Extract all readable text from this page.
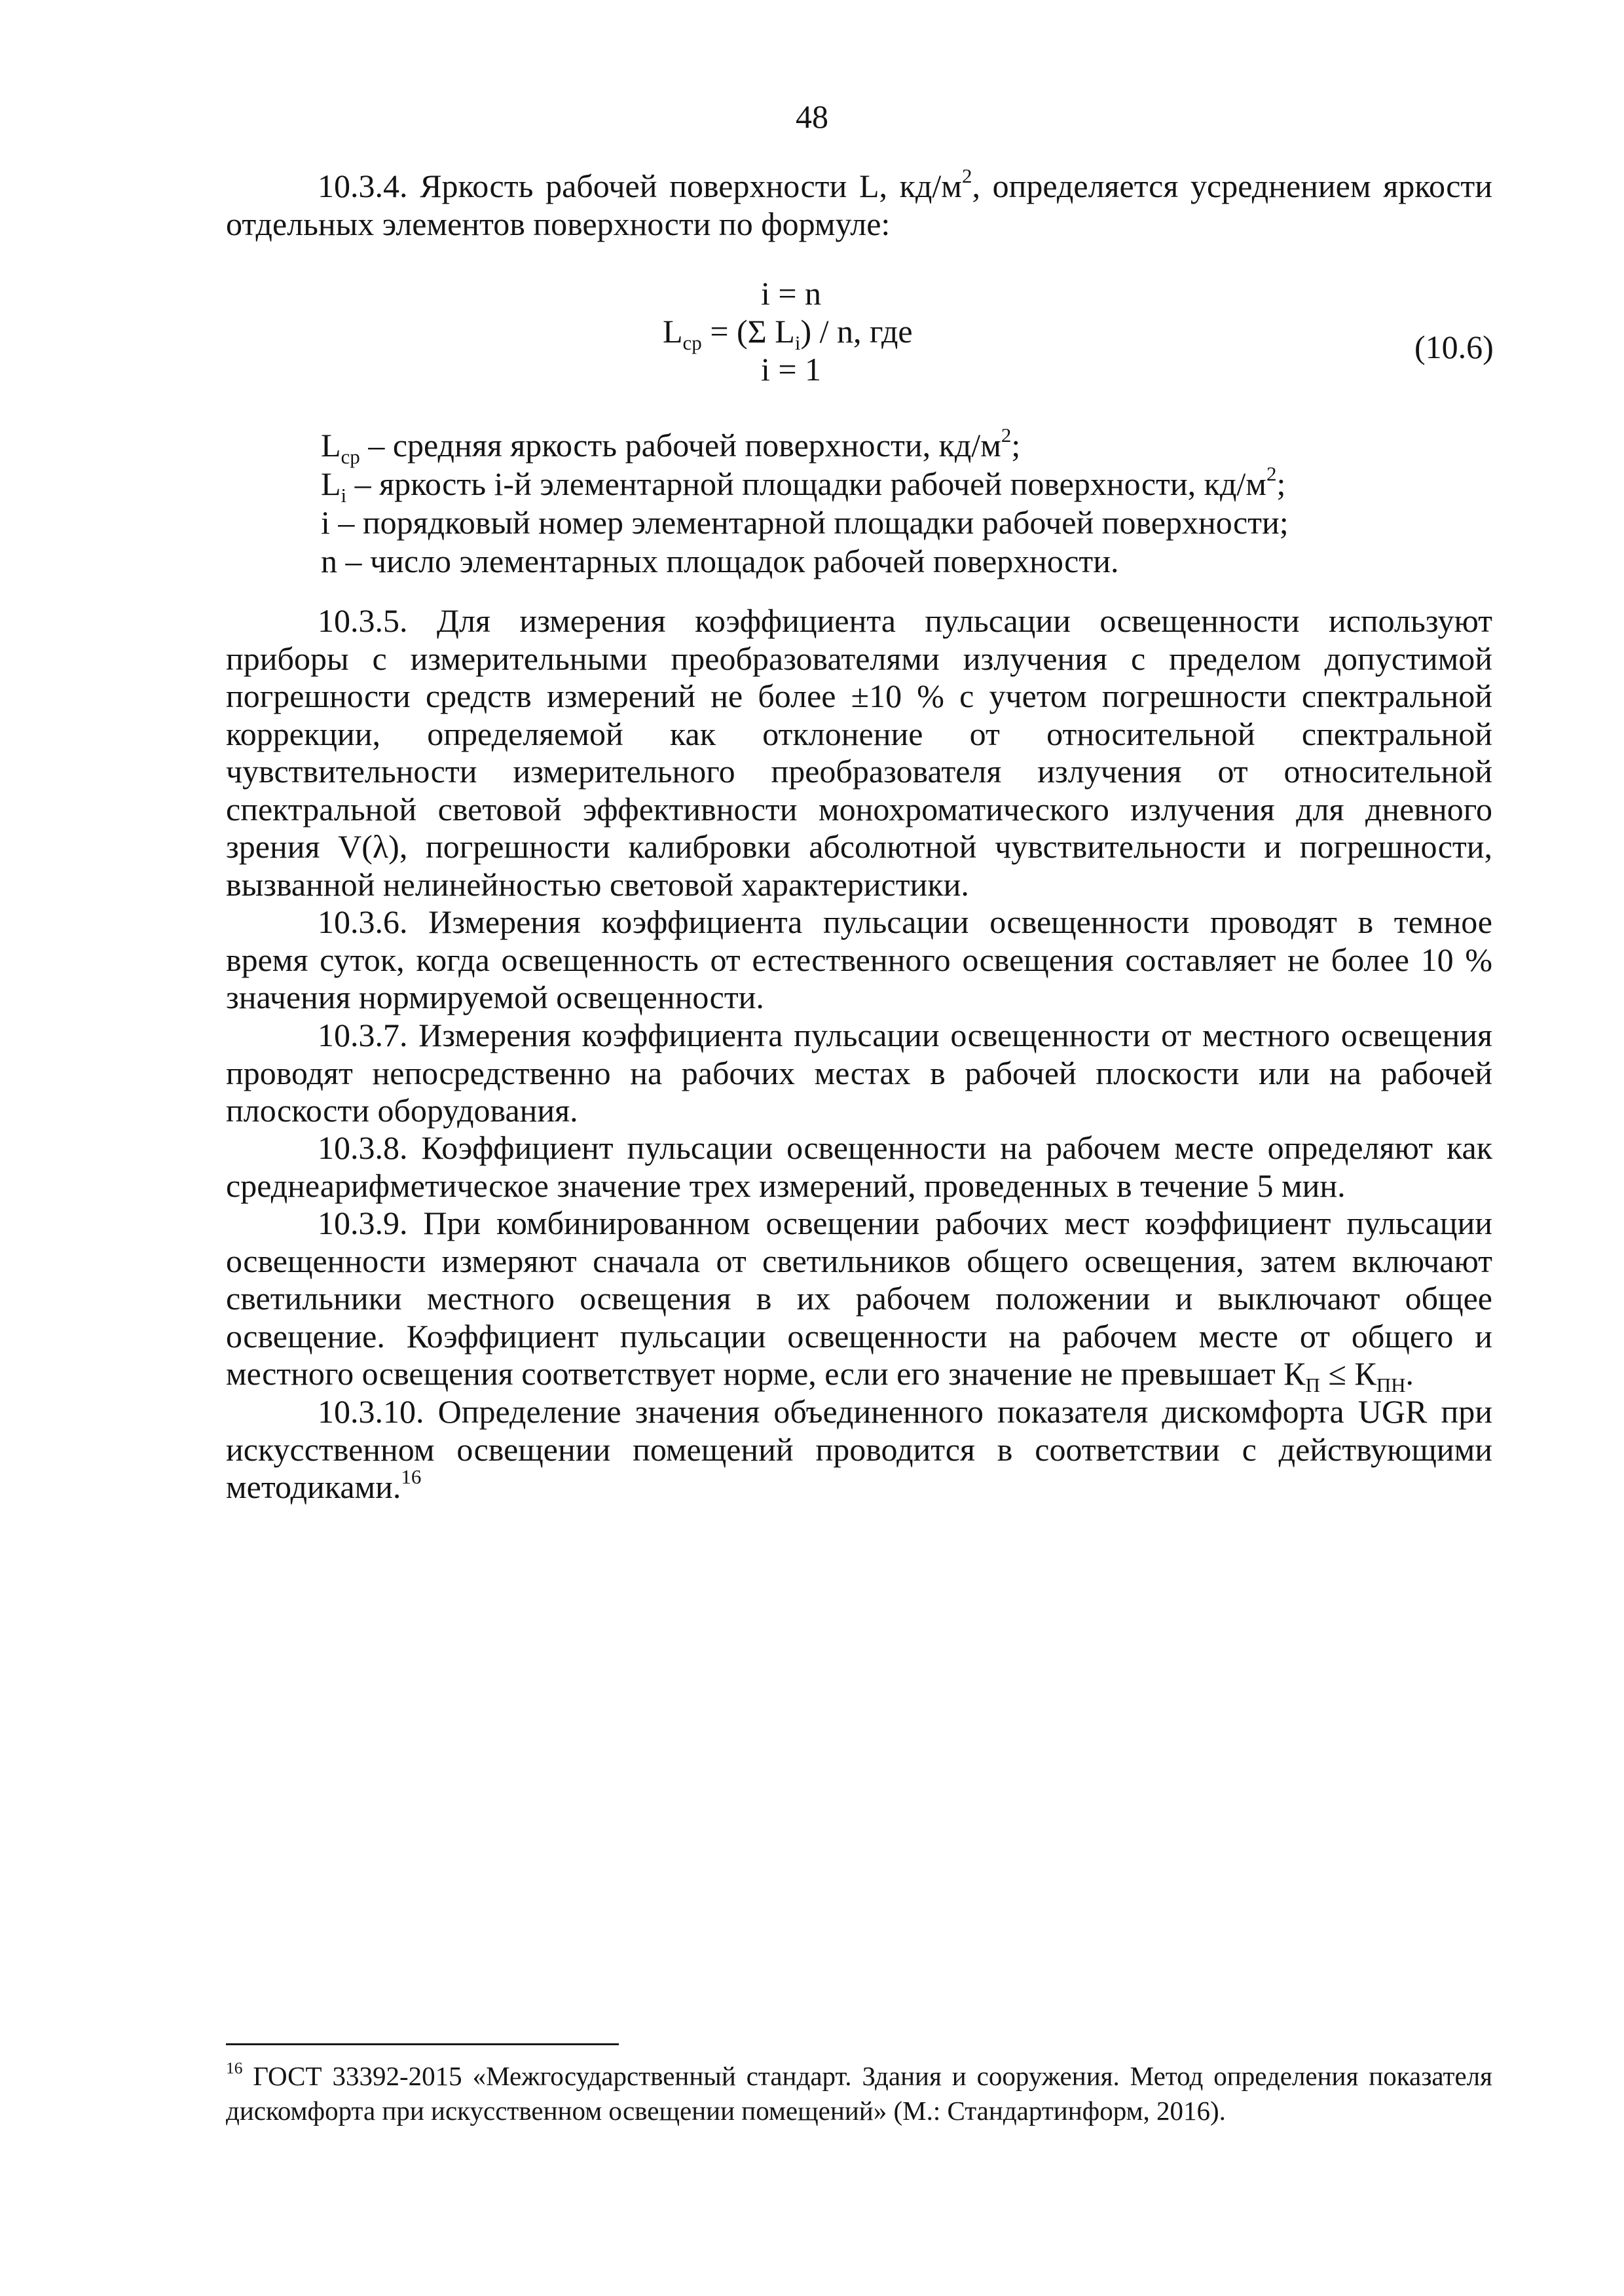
48

10.3.4. Яркость рабочей поверхности L, $кд/м^2$, определяется усреднением яркости отдельных элементов поверхности по формуле:

i = n
$L_{ср} = (\Sigma$ $L_i$) / n, где
i = 1
(10.6)
$L_{ср}$ – средняя яркость рабочей поверхности, $кд/м^2$;
$L_i$ – яркость i-й элементарной площадки рабочей поверхности, $кд/м^2$;
i – порядковый номер элементарной площадки рабочей поверхности;
n – число элементарных площадок рабочей поверхности.

10.3.5. Для измерения коэффициента пульсации освещенности используют приборы с измерительными преобразователями излучения с пределом допустимой погрешности средств измерений не более ±10 % с учетом погрешности спектральной коррекции, определяемой как отклонение от относительной спектральной чувствительности измерительного преобразователя излучения от относительной спектральной световой эффективности монохроматического излучения для дневного зрения V(λ), погрешности калибровки абсолютной чувствительности и погрешности, вызванной нелинейностью световой характеристики.

10.3.6. Измерения коэффициента пульсации освещенности проводят в темное время суток, когда освещенность от естественного освещения составляет не более 10 % значения нормируемой освещенности.

10.3.7. Измерения коэффициента пульсации освещенности от местного освещения проводят непосредственно на рабочих местах в рабочей плоскости или на рабочей плоскости оборудования.

10.3.8. Коэффициент пульсации освещенности на рабочем месте определяют как среднеарифметическое значение трех измерений, проведенных в течение 5 мин.

10.3.9. При комбинированном освещении рабочих мест коэффициент пульсации освещенности измеряют сначала от светильников общего освещения, затем включают светильники местного освещения в их рабочем положении и выключают общее освещение. Коэффициент пульсации освещенности на рабочем месте от общего и местного освещения соответствует норме, если его значение не превышает $К_П \le К_{ПН}$.

10.3.10. Определение значения объединенного показателя дискомфорта UGR при искусственном освещении помещений проводится в соответствии с действующими методиками.$^{16}$

$^{16}$ ГОСТ 33392-2015 «Межгосударственный стандарт. Здания и сооружения. Метод определения показателя дискомфорта при искусственном освещении помещений» (М.: Стандартинформ, 2016).
